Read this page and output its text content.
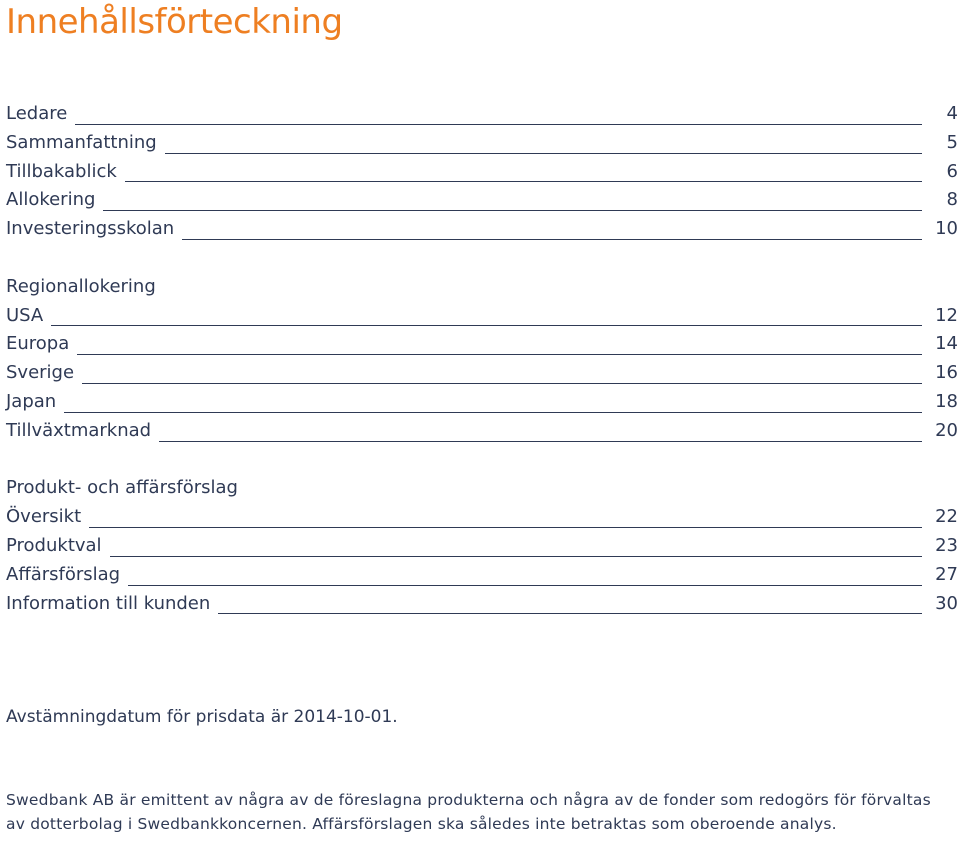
Innehållsförteckning
Ledare	4
Sammanfattning	5
Tillbakablick	6
Allokering	8
Investeringsskolan	10
Regionallokering
USA	12
Europa	14
Sverige	16
Japan	18
Tillväxtmarknad	20
Produkt- och affärsförslag
Översikt	22
Produktval	23
Affärsförslag	27
Information till kunden	30
Avstämningdatum för prisdata är 2014-10-01.
Swedbank AB är emittent av några av de föreslagna produkterna och några av de fonder som redogörs för förvaltas
av dotterbolag i Swedbankkoncernen. Affärsförslagen ska således inte betraktas som oberoende analys.
